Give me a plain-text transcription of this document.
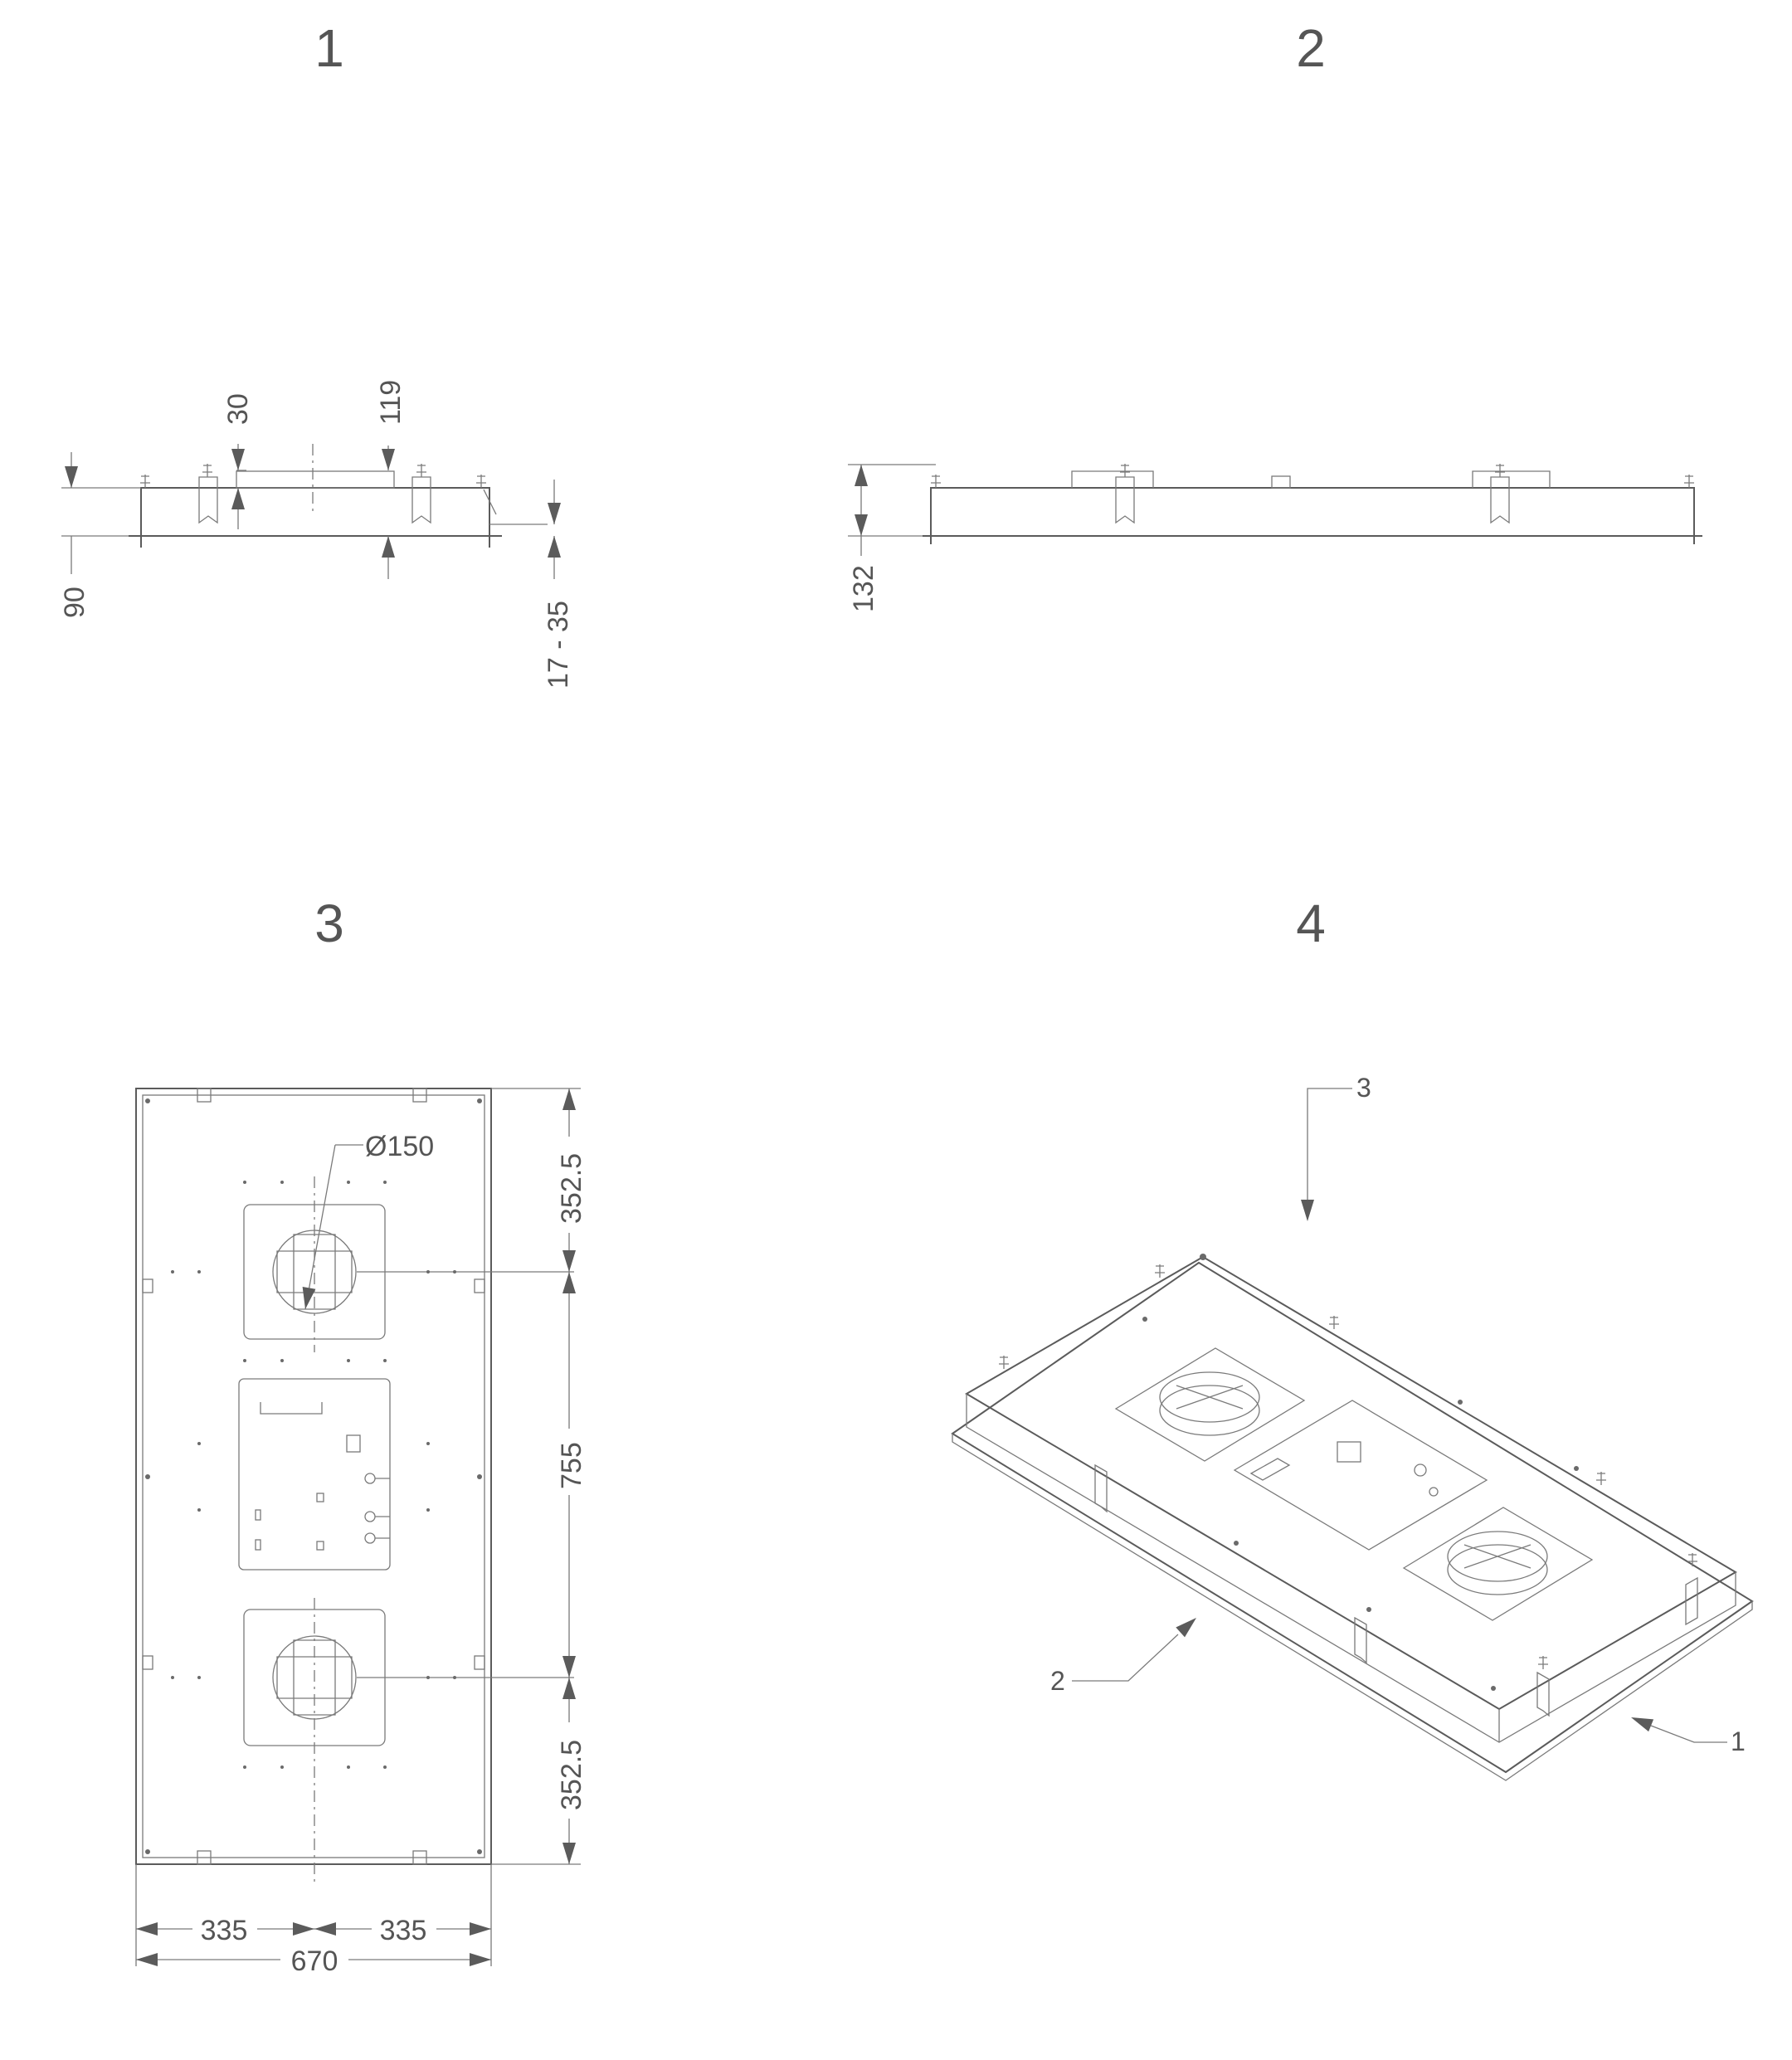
1
30	119
90	17 - 35
2
132
3
Ø150
352.5
755
352.5
335	335
670
4
3
2
1
